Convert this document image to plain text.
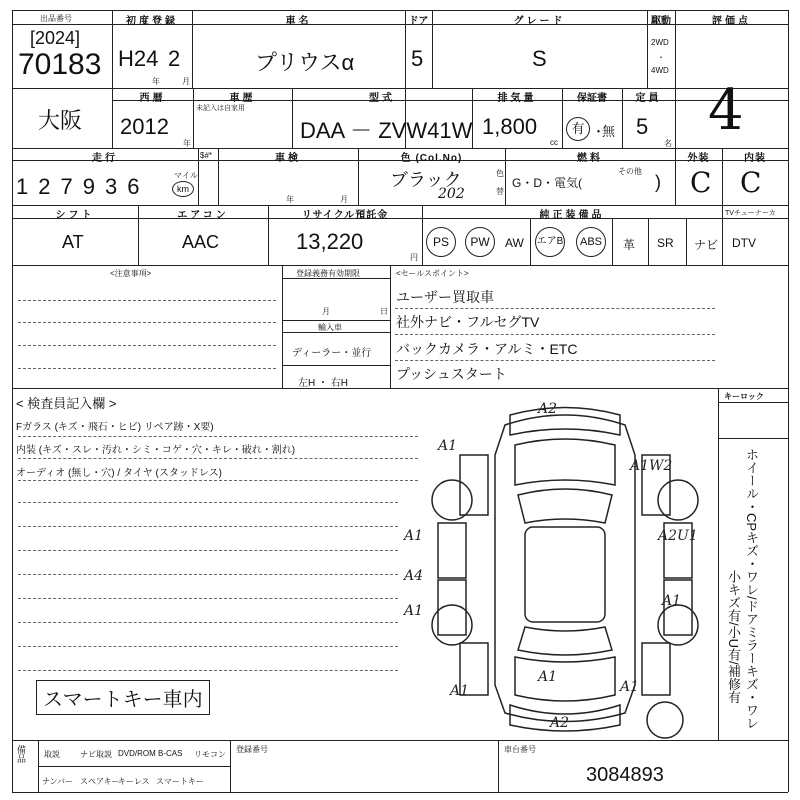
出品番号
[2024]
70183
初度登録
H24 2
年	月
車名
プリウスα
ドア
5
グレード
S
駆動
2WD
･
4WD
評価点
4
大阪
西暦
2012
年
車歴
未記入は自家用
型式
DAA － ZVW41W
排気量
1,800
cc
保証書
有 ・
無
定員
5
名
走行
127936	マイル
km
$#*	車検
年	月
色 (Col.No)
ブラック
202
色
替
燃料
G・D・電気(
その他
)
外装
C
内装
C
シフト
AT
エアコン
AAC
リサイクル預託金
13,220
円
純正装備品	TVチューナーカ
PS	PW	AW エアB	ABS	革 SR ナビ DTV
<注意事項>	登録義務有効期限
月	日
輸入車
ディーラー・並行
左H ・ 右H
<セールスポイント>
ユーザー買取車
社外ナビ・フルセグTV
バックカメラ・アルミ・ETC
プッシュスタート
< 検査員記入欄 >
Fガラス (キズ・飛石・ヒビ) リペア跡・X要)
内装 (キズ・スレ・汚れ・シミ・コゲ・穴・キレ・破れ・割れ)
オーディオ (無し・穴) / タイヤ (スタッドレス)
スマートキー車内
キーロック
ホイール・CPキズ・ワレ/ドアミラーキズ・ワレ
小キズ有/小U有/補修有
A2
A1
A1W2
A1	A2U1
A4
A1
A1
A1
A1
A1
A2
備品 取説	ナビ取説 DVD/ROM B-CAS リモコン
ナンバー スペアキー
キーレス スマートキー
登録番号	車台番号
3084893
